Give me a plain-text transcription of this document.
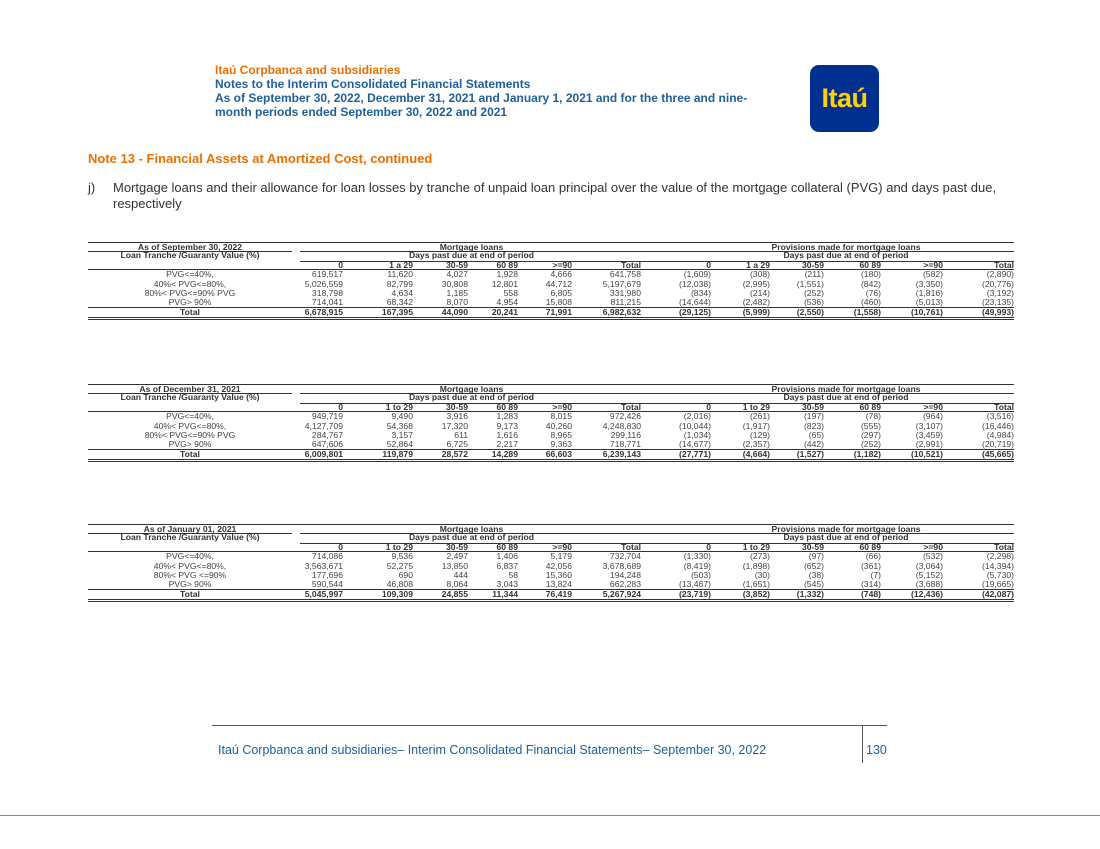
Itaú Corpbanca and subsidiaries
Notes to the Interim Consolidated Financial Statements
As of September 30, 2022, December 31, 2021 and January 1, 2021 and for the three and nine-
month periods ended September 30, 2022 and 2021	Itaú
Note 13 - Financial Assets at Amortized Cost, continued
j)	Mortgage loans and their allowance for loan losses by tranche of unpaid loan principal over the value of the mortgage collateral (PVG) and days past due, respectively
As of September 30, 2022	Mortgage loans	Provisions made for mortgage loans
Loan Tranche /Guaranty Value (%)	Days past due at end of period	Days past due at end of period
0	1 a 29	30-59	60 89	>=90	Total	0	1 a 29	30-59	60 89	>=90	Total
PVG<=40%,	619,517	11,620	4,027	1,928	4,666	641,758	(1,609)	(308)	(211)	(180)	(582)	(2,890)
40%< PVG<=80%,	5,026,559	82,799	30,808	12,801	44,712	5,197,679	(12,038)	(2,995)	(1,551)	(842)	(3,350)	(20,776)
80%< PVG<=90% PVG	318,798	4,634	1,185	558	6,805	331,980	(834)	(214)	(252)	(76)	(1,816)	(3,192)
PVG> 90%	714,041	68,342	8,070	4,954	15,808	811,215	(14,644)	(2,482)	(536)	(460)	(5,013)	(23,135)
Total	6,678,915	167,395	44,090	20,241	71,991	6,982,632	(29,125)	(5,999)	(2,550)	(1,558)	(10,761)	(49,993)
As of December 31, 2021	Mortgage loans	Provisions made for mortgage loans
Loan Tranche /Guaranty Value (%)	Days past due at end of period	Days past due at end of period
0	1 to 29	30-59	60 89	>=90	Total	0	1 to 29	30-59	60 89	>=90	Total
PVG<=40%,	949,719	9,490	3,916	1,283	8,015	972,426	(2,016)	(261)	(197)	(78)	(964)	(3,516)
40%< PVG<=80%,	4,127,709	54,368	17,320	9,173	40,260	4,248,830	(10,044)	(1,917)	(823)	(555)	(3,107)	(16,446)
80%< PVG<=90% PVG	284,767	3,157	611	1,616	8,965	299,116	(1,034)	(129)	(65)	(297)	(3,459)	(4,984)
PVG> 90%	647,606	52,864	6,725	2,217	9,363	718,771	(14,677)	(2,357)	(442)	(252)	(2,991)	(20,719)
Total	6,009,801	119,879	28,572	14,289	66,603	6,239,143	(27,771)	(4,664)	(1,527)	(1,182)	(10,521)	(45,665)
As of January 01, 2021	Mortgage loans	Provisions made for mortgage loans
Loan Tranche /Guaranty Value (%)	Days past due at end of period	Days past due at end of period
0	1 to 29	30-59	60 89	>=90	Total	0	1 to 29	30-59	60 89	>=90	Total
PVG<=40%,	714,086	9,536	2,497	1,406	5,179	732,704	(1,330)	(273)	(97)	(66)	(532)	(2,298)
40%< PVG<=80%,	3,563,671	52,275	13,850	6,837	42,056	3,678,689	(8,419)	(1,898)	(652)	(361)	(3,064)	(14,394)
80%< PVG <=90%	177,696	690	444	58	15,360	194,248	(503)	(30)	(38)	(7)	(5,152)	(5,730)
PVG> 90%	590,544	46,808	8,064	3,043	13,824	662,283	(13,467)	(1,651)	(545)	(314)	(3,688)	(19,665)
Total	5,045,997	109,309	24,855	11,344	76,419	5,267,924	(23,719)	(3,852)	(1,332)	(748)	(12,436)	(42,087)
Itaú Corpbanca and subsidiaries– Interim Consolidated Financial Statements– September 30, 2022	130
